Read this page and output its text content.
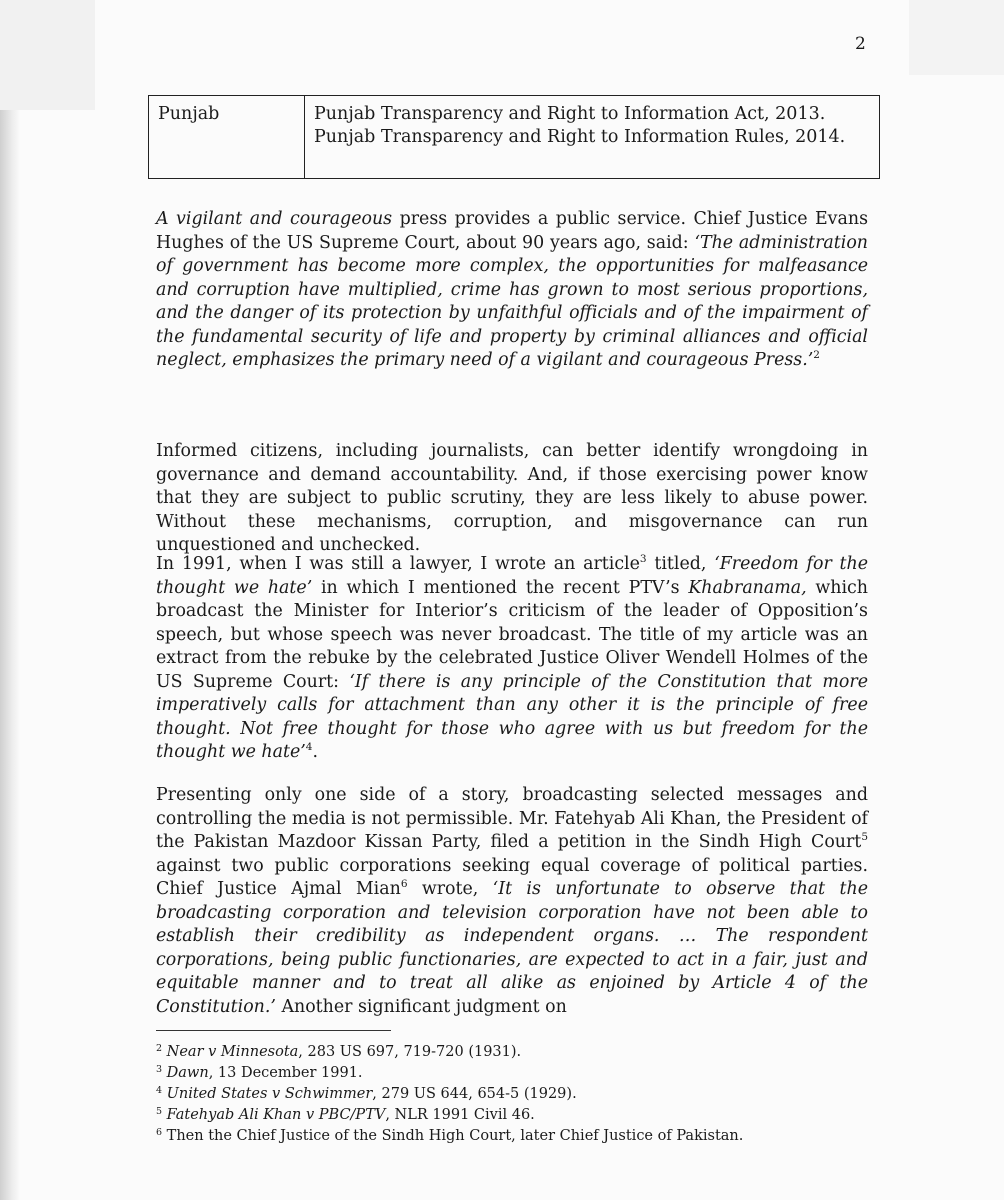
2
Punjab	Punjab Transparency and Right to Information Act, 2013.
Punjab Transparency and Right to Information Rules, 2014.

A vigilant and courageous press provides a public service. Chief Justice Evans Hughes of the US Supreme Court, about 90 years ago, said: ‘The administration of government has become more complex, the opportunities for malfeasance and corruption have multiplied, crime has grown to most serious proportions, and the danger of its protection by unfaithful officials and of the impairment of the fundamental security of life and property by criminal alliances and official neglect, emphasizes the primary need of a vigilant and courageous Press.’$^2$

Informed citizens, including journalists, can better identify wrongdoing in governance and demand accountability. And, if those exercising power know that they are subject to public scrutiny, they are less likely to abuse power. Without these mechanisms, corruption, and misgovernance can run unquestioned and unchecked.

In 1991, when I was still a lawyer, I wrote an article$^3$ titled, ‘Freedom for the thought we hate’ in which I mentioned the recent PTV’s Khabranama, which broadcast the Minister for Interior’s criticism of the leader of Opposition’s speech, but whose speech was never broadcast. The title of my article was an extract from the rebuke by the celebrated Justice Oliver Wendell Holmes of the US Supreme Court: ‘If there is any principle of the Constitution that more imperatively calls for attachment than any other it is the principle of free thought. Not free thought for those who agree with us but freedom for the thought we hate’$^4$.

Presenting only one side of a story, broadcasting selected messages and controlling the media is not permissible. Mr. Fatehyab Ali Khan, the President of the Pakistan Mazdoor Kissan Party, filed a petition in the Sindh High Court$^5$ against two public corporations seeking equal coverage of political parties. Chief Justice Ajmal Mian$^6$ wrote, ‘It is unfortunate to observe that the broadcasting corporation and television corporation have not been able to establish their credibility as independent organs. … The respondent corporations, being public functionaries, are expected to act in a fair, just and equitable manner and to treat all alike as enjoined by Article 4 of the Constitution.’ Another significant judgment on

$^2$ Near v Minnesota, 283 US 697, 719-720 (1931).
$^3$ Dawn, 13 December 1991.
$^4$ United States v Schwimmer, 279 US 644, 654-5 (1929).
$^5$ Fatehyab Ali Khan v PBC/PTV, NLR 1991 Civil 46.
$^6$ Then the Chief Justice of the Sindh High Court, later Chief Justice of Pakistan.
